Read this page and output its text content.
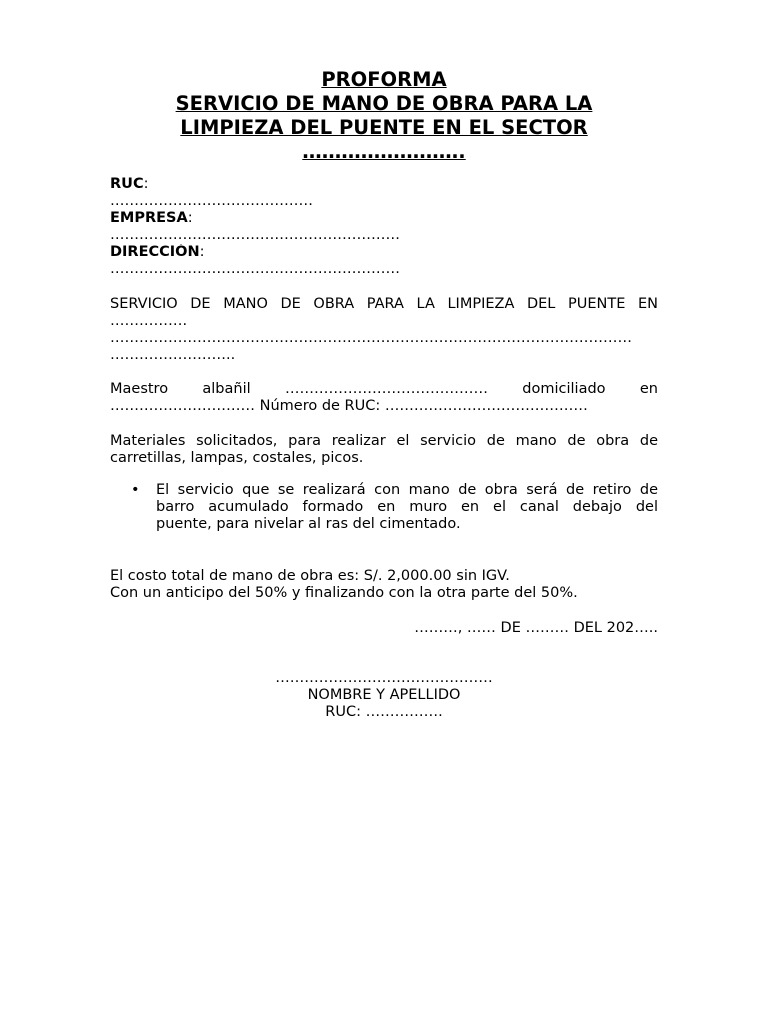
PROFORMA
SERVICIO DE MANO DE OBRA PARA LA
LIMPIEZA DEL PUENTE EN EL SECTOR
…………………….
RUC:
……………………………………
EMPRESA:
……………………………………………………
DIRECCIÓN:
……………………………………………………
SERVICIO DE MANO DE OBRA PARA LA LIMPIEZA DEL PUENTE EN
…………….
………………………………………………………………………………………………
……………………..
Maestro albañil …………………………………… domiciliado en
………………………… Número de RUC: ……………………………………
Materiales solicitados, para realizar el servicio de mano de obra de
carretillas, lampas, costales, picos.
• El servicio que se realizará con mano de obra será de retiro de
barro acumulado formado en muro en el canal debajo del
puente, para nivelar al ras del cimentado.
El costo total de mano de obra es: S/. 2,000.00 sin IGV.
Con un anticipo del 50% y finalizando con la otra parte del 50%.
………, …… DE ……… DEL 202…..
………………………………………
NOMBRE Y APELLIDO
RUC: …………….
